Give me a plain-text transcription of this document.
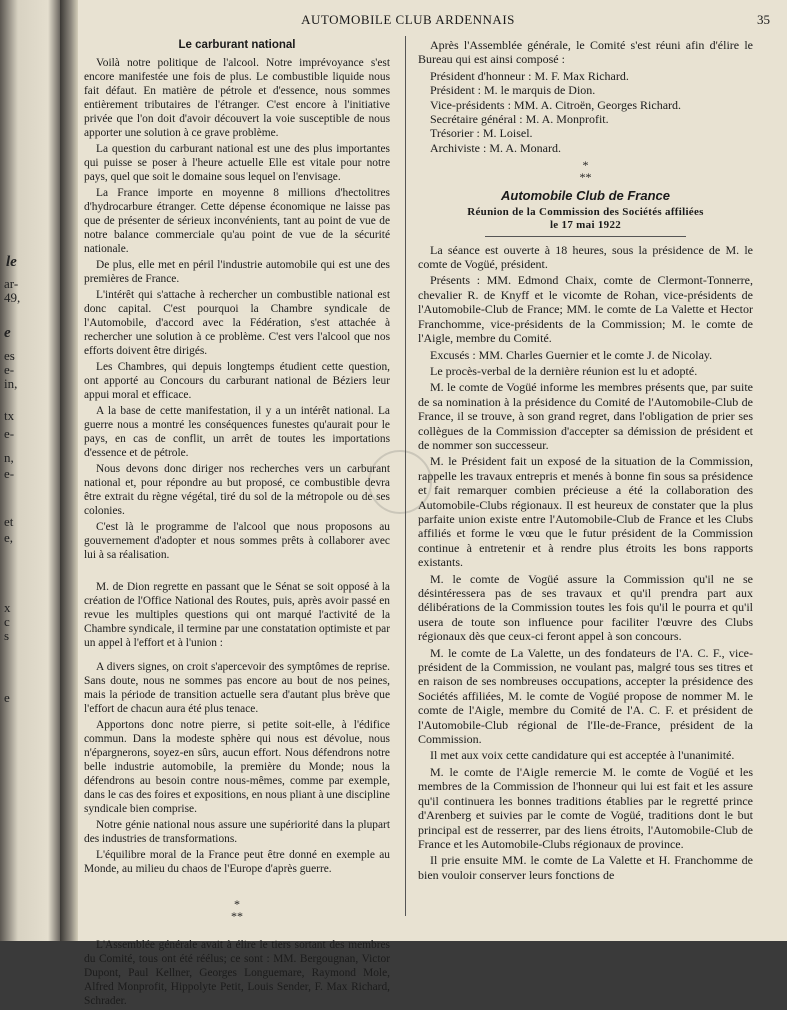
le
ar-
49,
e
es
e-
in,
tx
e-
n,
e-
et
e,
x
c
s
e
AUTOMOBILE CLUB ARDENNAIS	35
Le carburant national

Voilà notre politique de l'alcool. Notre imprévoyance s'est encore manifestée une fois de plus. Le combustible liquide nous fait défaut. En matière de pétrole et d'essence, nous sommes entièrement tributaires de l'étranger. C'est encore à l'initiative privée que l'on doit d'avoir découvert la voie susceptible de nous apporter une solution à ce grave problème.

La question du carburant national est une des plus importantes qui puisse se poser à l'heure actuelle Elle est vitale pour notre pays, quel que soit le domaine sous lequel on l'envisage.

La France importe en moyenne 8 millions d'hectolitres d'hydrocarbure étranger. Cette dépense économique ne laisse pas que de présenter de sérieux inconvénients, tant au point de vue de notre balance commerciale qu'au point de vue de la sécurité nationale.

De plus, elle met en péril l'industrie automobile qui est une des premières de France.

L'intérêt qui s'attache à rechercher un combustible national est donc capital. C'est pourquoi la Chambre syndicale de l'Automobile, d'accord avec la Fédération, s'est attachée à rechercher une solution à ce problème. C'est vers l'alcool que nos efforts doivent être dirigés.

Les Chambres, qui depuis longtemps étudient cette question, ont apporté au Concours du carburant national de Béziers leur appui moral et efficace.

A la base de cette manifestation, il y a un intérêt national. La guerre nous a montré les conséquences funestes qu'aurait pour le pays, en cas de conflit, un arrêt de toutes les importations d'essence et de pétrole.

Nous devons donc diriger nos recherches vers un carburant national et, pour répondre au but proposé, ce combustible devra être extrait du règne végétal, tiré du sol de la métropole ou de ses colonies.

C'est là le programme de l'alcool que nous proposons au gouvernement d'adopter et nous sommes prêts à collaborer avec lui à sa réalisation.

M. de Dion regrette en passant que le Sénat se soit opposé à la création de l'Office National des Routes, puis, après avoir passé en revue les multiples questions qui ont marqué l'activité de la Chambre syndicale, il termine par une constatation optimiste et par un appel à l'effort et à l'union :

A divers signes, on croit s'apercevoir des symptômes de reprise. Sans doute, nous ne sommes pas encore au bout de nos peines, mais la période de transition actuelle sera d'autant plus brève que l'effort de chacun aura été plus tenace.

Apportons donc notre pierre, si petite soit-elle, à l'édifice commun. Dans la modeste sphère qui nous est dévolue, nous n'épargnerons, soyez-en sûrs, aucun effort. Nous défendrons notre belle industrie automobile, la première du Monde; nous la défendrons au besoin contre nous-mêmes, comme par exemple, dans le cas des foires et expositions, en nous pliant à une discipline syndicale bien comprise.

Notre génie national nous assure une supériorité dans la plupart des industries de transformations.

L'équilibre moral de la France peut être donné en exemple au Monde, au milieu du chaos de l'Europe d'après guerre.

*
**

L'Assemblée générale avait à élire le tiers sortant des membres du Comité, tous ont été réélus; ce sont : MM. Bergougnan, Victor Dupont, Paul Kellner, Georges Longuemare, Raymond Mole, Alfred Monprofit, Hippolyte Petit, Louis Sender, F. Max Richard, Schrader.

Après l'Assemblée générale, le Comité s'est réuni afin d'élire le Bureau qui est ainsi composé :

Président d'honneur : M. F. Max Richard.

Président : M. le marquis de Dion.

Vice-présidents : MM. A. Citroën, Georges Richard.

Secrétaire général : M. A. Monprofit.

Trésorier : M. Loisel.

Archiviste : M. A. Monard.

*
**
Automobile Club de France
Réunion de la Commission des Sociétés affiliées
le 17 mai 1922

La séance est ouverte à 18 heures, sous la présidence de M. le comte de Vogüé, président.

Présents : MM. Edmond Chaix, comte de Clermont-Tonnerre, chevalier R. de Knyff et le vicomte de Rohan, vice-présidents de l'Automobile-Club de France; MM. le comte de La Valette et Hector Franchomme, vice-présidents de la Commission; M. le comte de l'Aigle, membre du Comité.

Excusés : MM. Charles Guernier et le comte J. de Nicolay.

Le procès-verbal de la dernière réunion est lu et adopté.

M. le comte de Vogüé informe les membres présents que, par suite de sa nomination à la présidence du Comité de l'Automobile-Club de France, il se trouve, à son grand regret, dans l'obligation de prier ses collègues de la Commission d'accepter sa démission de président et de nommer son successeur.

M. le Président fait un exposé de la situation de la Commission, rappelle les travaux entrepris et menés à bonne fin sous sa présidence et fait remarquer combien précieuse a été la collaboration des Automobile-Clubs régionaux. Il est heureux de constater que la plus parfaite union existe entre l'Automobile-Club de France et les Clubs affiliés et forme le vœu que le futur président de la Commission continue à entretenir et à rendre plus étroits les bons rapports existants.

M. le comte de Vogüé assure la Commission qu'il ne se désintéressera pas de ses travaux et qu'il prendra part aux délibérations de la Commission toutes les fois qu'il le pourra et qu'il usera de toute son influence pour faciliter l'œuvre des Clubs régionaux dès que ceux-ci feront appel à son concours.

M. le comte de La Valette, un des fondateurs de l'A. C. F., vice-président de la Commission, ne voulant pas, malgré tous ses titres et en raison de ses nombreuses occupations, accepter la présidence des Sociétés affiliées, M. le comte de Vogüé propose de nommer M. le comte de l'Aigle, membre du Comité de l'A. C. F. et président de l'Automobile-Club régional de l'Ile-de-France, président de la Commission.

Il met aux voix cette candidature qui est acceptée à l'unanimité.

M. le comte de l'Aigle remercie M. le comte de Vogüé et les membres de la Commission de l'honneur qui lui est fait et les assure qu'il continuera les bonnes traditions établies par le regretté prince d'Arenberg et suivies par le comte de Vogüé, traditions dont le but principal est de resserrer, par des liens étroits, l'Automobile-Club de France et les Automobile-Clubs régionaux de province.

Il prie ensuite MM. le comte de La Valette et H. Franchomme de bien vouloir conserver leurs fonctions de
